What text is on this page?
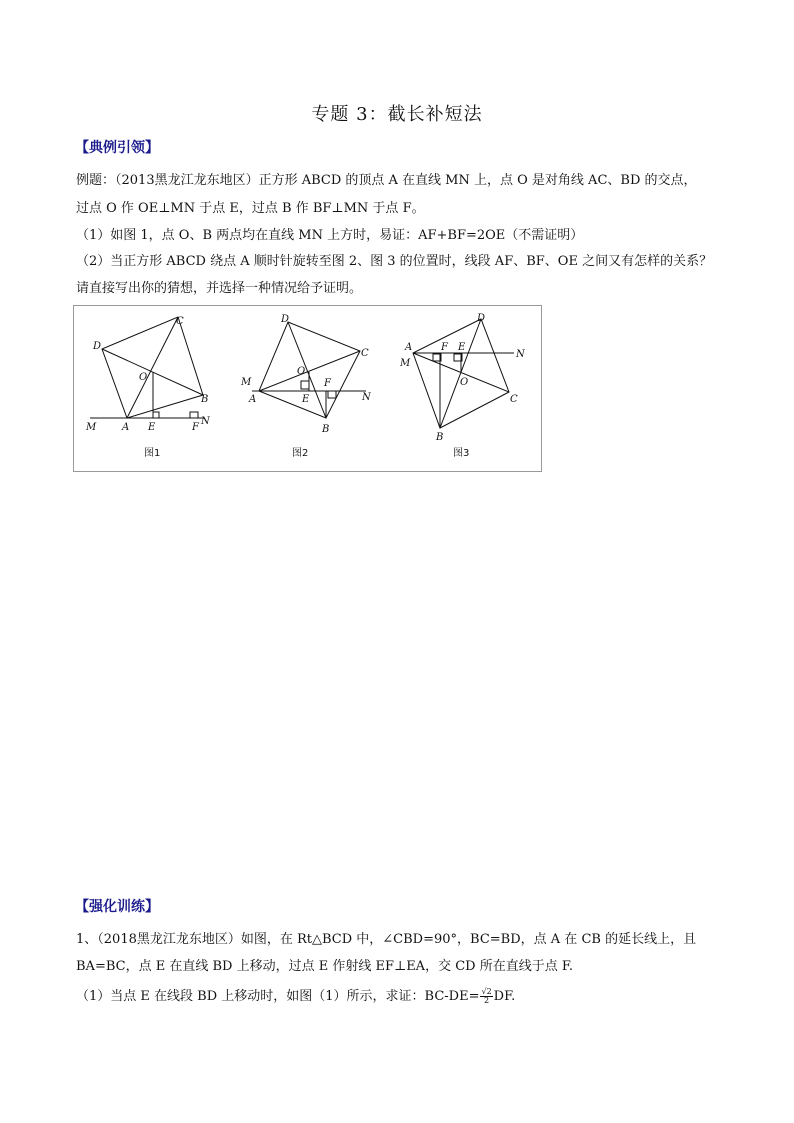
专题 3：截长补短法
【典例引领】
例题：（2013黑龙江龙东地区）正方形 ABCD 的顶点 A 在直线 MN 上，点 O 是对角线 AC、BD 的交点，
过点 O 作 OE⊥MN 于点 E，过点 B 作 BF⊥MN 于点 F。
（1）如图 1，点 O、B 两点均在直线 MN 上方时，易证：AF+BF=2OE（不需证明）
（2）当正方形 ABCD 绕点 A 顺时针旋转至图 2、图 3 的位置时，线段 AF、BF、OE 之间又有怎样的关系？
请直接写出你的猜想，并选择一种情况给予证明。
M	A E	F
N
B
C
D
O
图1
M
A	E
F
N
B
C
D
O
图2
A
M
F E
N
D
C
B
O
图3
【强化训练】
1、（2018黑龙江龙东地区）如图，在 Rt△BCD 中，∠CBD=90°，BC=BD，点 A 在 CB 的延长线上，且
BA=BC，点 E 在直线 BD 上移动，过点 E 作射线 EF⊥EA，交 CD 所在直线于点 F.
（1）当点 E 在线段 BD 上移动时，如图（1）所示，求证：$BC-DE= \frac{√2}{2}$ DF.
